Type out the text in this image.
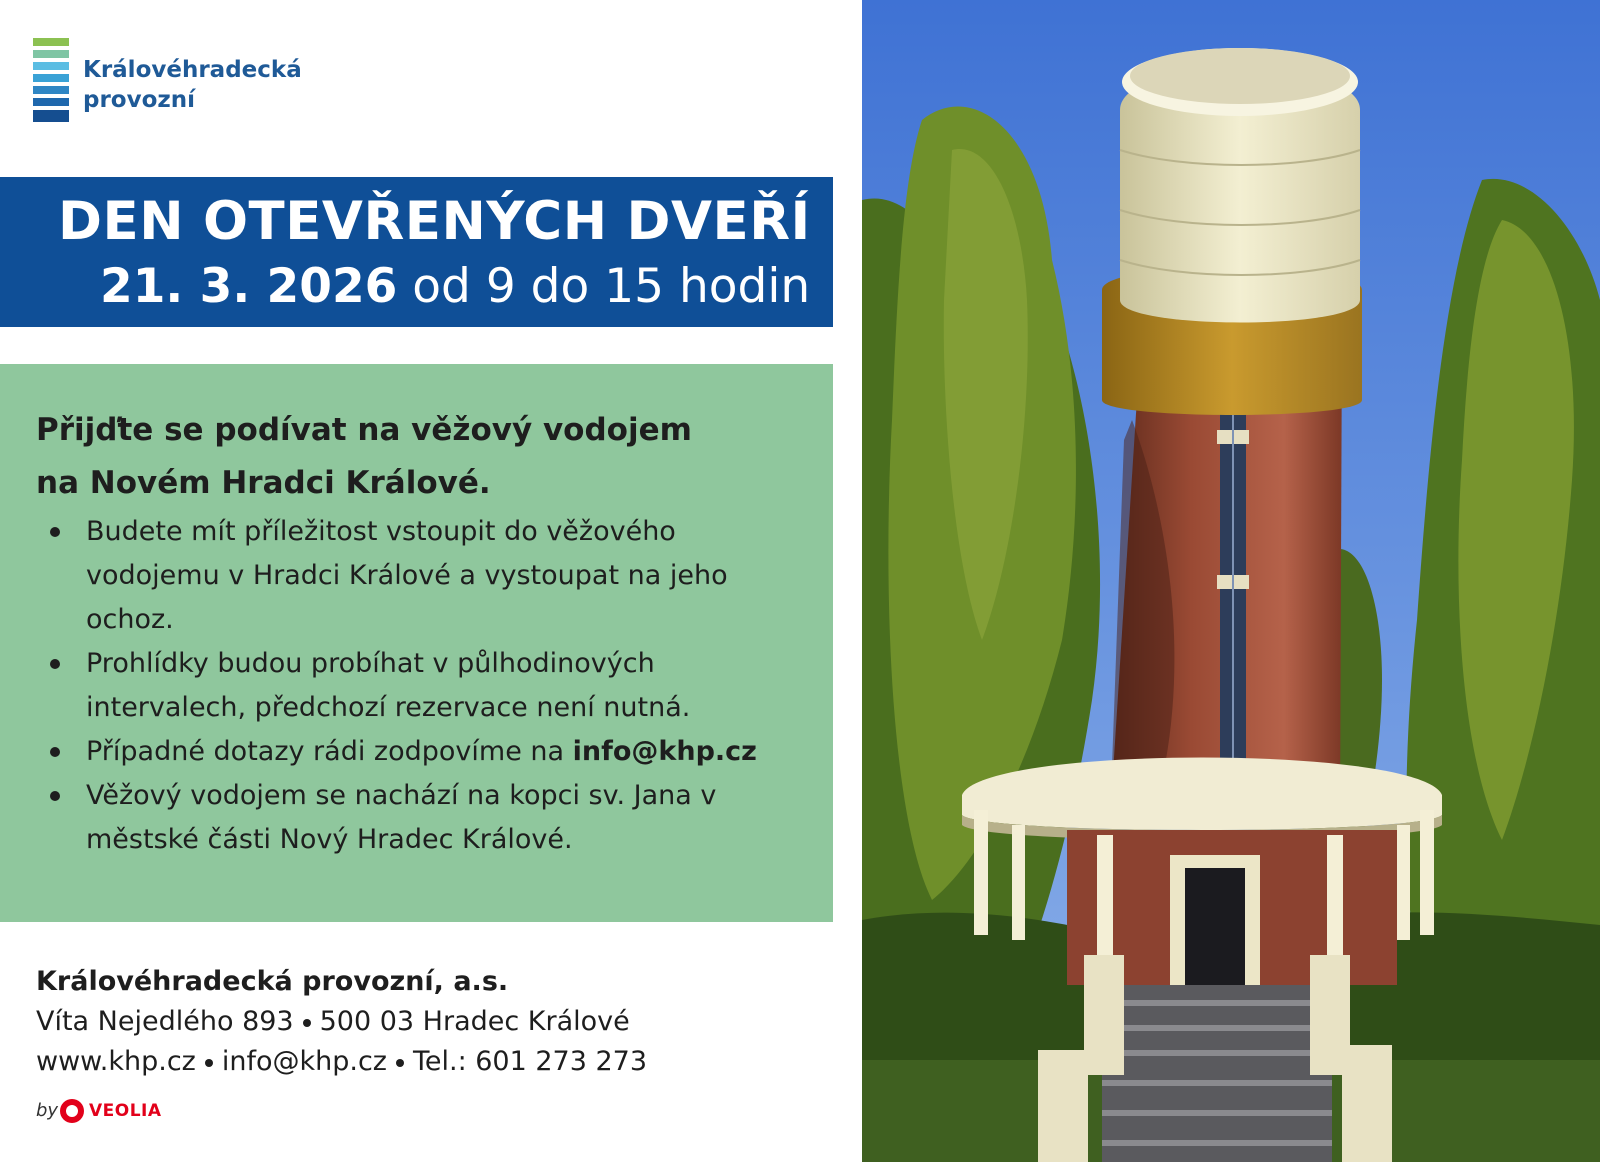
Královéhradecká
provozní
DEN OTEVŘENÝCH DVEŘÍ
21. 3. 2026 od 9 do 15 hodin
Přijďte se podívat na věžový vodojem
na Novém Hradci Králové.
Budete mít příležitost vstoupit do věžového vodojemu v Hradci Králové a vystoupat na jeho ochoz.
Prohlídky budou probíhat v půlhodinových intervalech, předchozí rezervace není nutná.
Případné dotazy rádi zodpovíme na info@khp.cz
Věžový vodojem se nachází na kopci sv. Jana v městské části Nový Hradec Králové.
Královéhradecká provozní, a.s.
Víta Nejedlého 893 500 03 Hradec Králové
www.khp.cz info@khp.cz Tel.: 601 273 273
by VEOLIA
